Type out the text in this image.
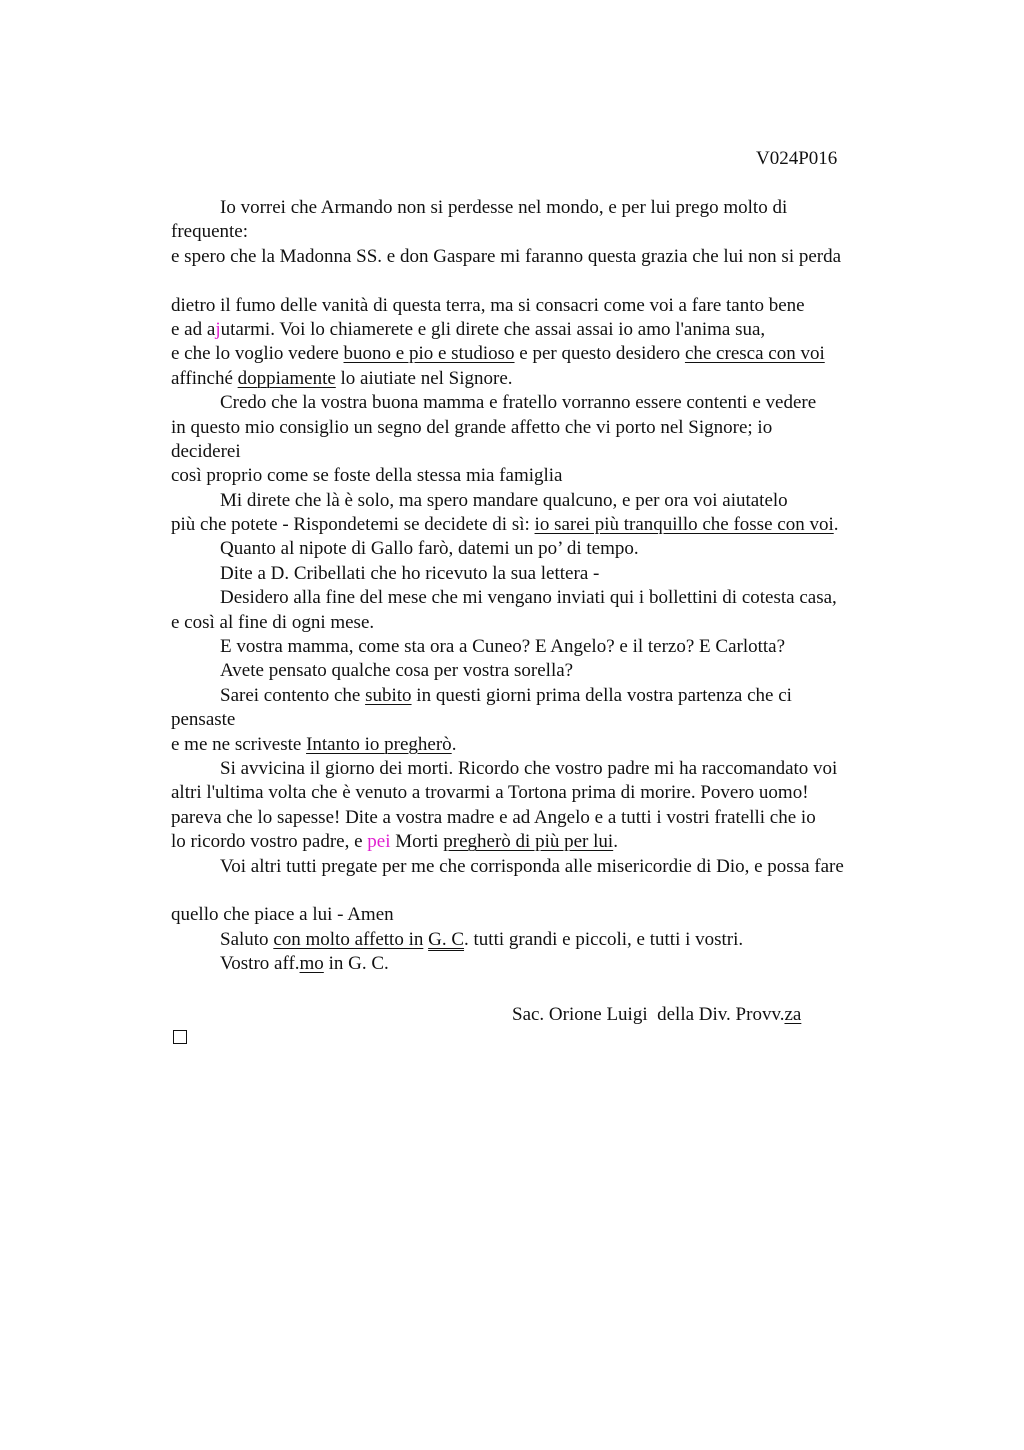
V024P016
Io vorrei che Armando non si perdesse nel mondo, e per lui prego molto di
frequente:
e spero che la Madonna SS. e don Gaspare mi faranno questa grazia che lui non si perda
dietro il fumo delle vanità di questa terra, ma si consacri come voi a fare tanto bene
e ad ajutarmi. Voi lo chiamerete e gli direte che assai assai io amo l'anima sua,
e che lo voglio vedere buono e pio e studioso e per questo desidero che cresca con voi
affinché doppiamente lo aiutiate nel Signore.
Credo che la vostra buona mamma e fratello vorranno essere contenti e vedere
in questo mio consiglio un segno del grande affetto che vi porto nel Signore; io
deciderei
così proprio come se foste della stessa mia famiglia
Mi direte che là è solo, ma spero mandare qualcuno, e per ora voi aiutatelo
più che potete - Rispondetemi se decidete di sì: io sarei più tranquillo che fosse con voi.
Quanto al nipote di Gallo farò, datemi un po’ di tempo.
Dite a D. Cribellati che ho ricevuto la sua lettera -
Desidero alla fine del mese che mi vengano inviati qui i bollettini di cotesta casa,
e così al fine di ogni mese.
E vostra mamma, come sta ora a Cuneo? E Angelo? e il terzo? E Carlotta?
Avete pensato qualche cosa per vostra sorella?
Sarei contento che subito in questi giorni prima della vostra partenza che ci
pensaste
e me ne scriveste Intanto io pregherò.
Si avvicina il giorno dei morti. Ricordo che vostro padre mi ha raccomandato voi
altri l'ultima volta che è venuto a trovarmi a Tortona prima di morire. Povero uomo!
pareva che lo sapesse! Dite a vostra madre e ad Angelo e a tutti i vostri fratelli che io
lo ricordo vostro padre, e pei Morti pregherò di più per lui.
Voi altri tutti pregate per me che corrisponda alle misericordie di Dio, e possa fare
quello che piace a lui - Amen
Saluto con molto affetto in G. C. tutti grandi e piccoli, e tutti i vostri.
Vostro aff.mo in G. C.
Sac. Orione Luigi  della Div. Provv.za
